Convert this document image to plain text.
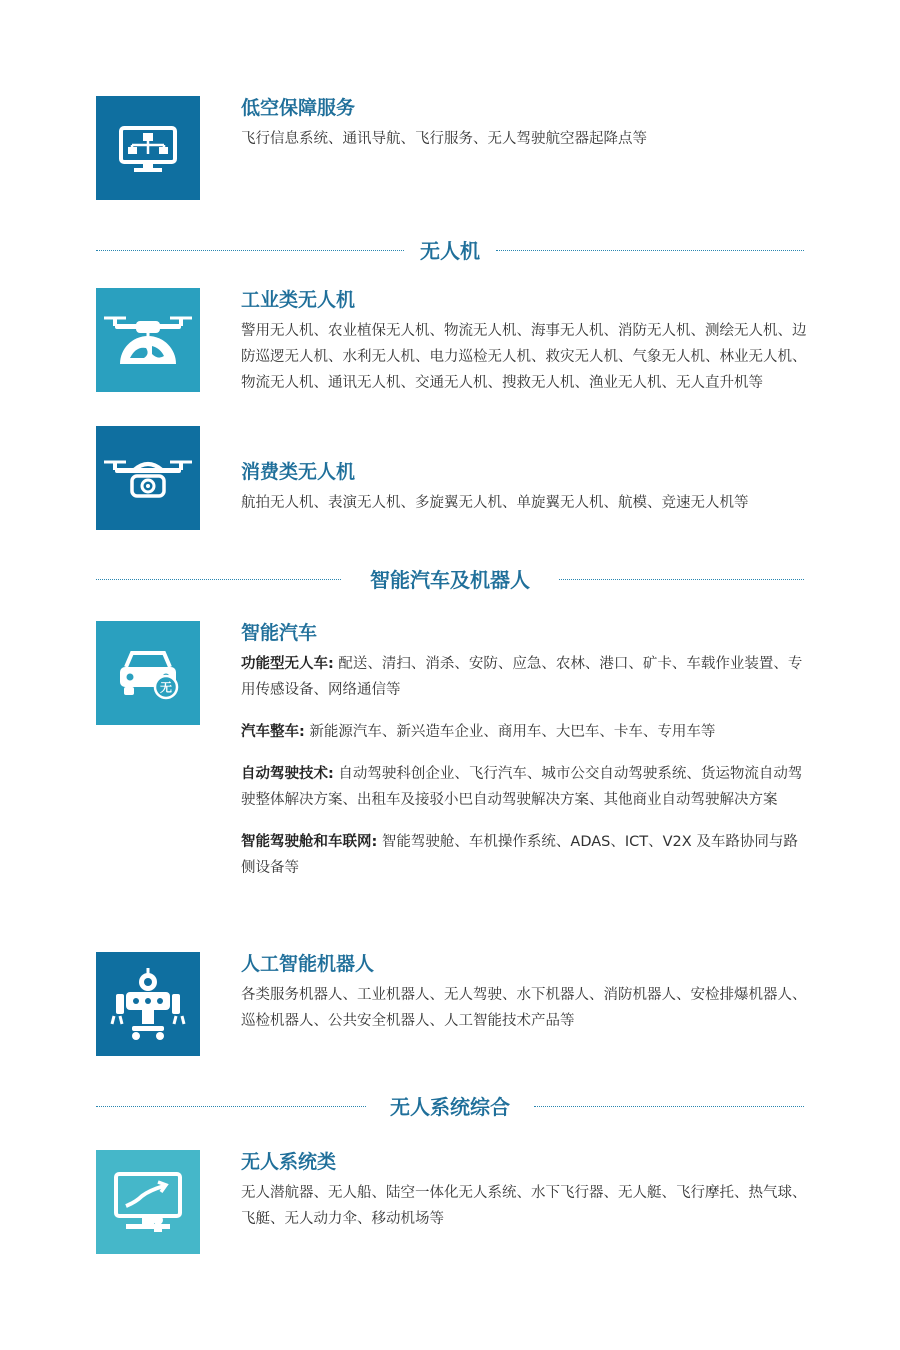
低空保障服务
飞行信息系统、通讯导航、飞行服务、无人驾驶航空器起降点等
无人机
工业类无人机
警用无人机、农业植保无人机、物流无人机、海事无人机、消防无人机、测绘无人机、边防巡逻无人机、水利无人机、电力巡检无人机、救灾无人机、气象无人机、林业无人机、物流无人机、通讯无人机、交通无人机、搜救无人机、渔业无人机、无人直升机等
消费类无人机
航拍无人机、表演无人机、多旋翼无人机、单旋翼无人机、航模、竞速无人机等
智能汽车及机器人
无
智能汽车
功能型无人车: 配送、清扫、消杀、安防、应急、农林、港口、矿卡、车载作业装置、专用传感设备、网络通信等
汽车整车: 新能源汽车、新兴造车企业、商用车、大巴车、卡车、专用车等
自动驾驶技术: 自动驾驶科创企业、飞行汽车、城市公交自动驾驶系统、货运物流自动驾驶整体解决方案、出租车及接驳小巴自动驾驶解决方案、其他商业自动驾驶解决方案
智能驾驶舱和车联网: 智能驾驶舱、车机操作系统、ADAS、ICT、V2X 及车路协同与路侧设备等
人工智能机器人
各类服务机器人、工业机器人、无人驾驶、水下机器人、消防机器人、安检排爆机器人、巡检机器人、公共安全机器人、人工智能技术产品等
无人系统综合
无人系统类
无人潜航器、无人船、陆空一体化无人系统、水下飞行器、无人艇、飞行摩托、热气球、飞艇、无人动力伞、移动机场等
